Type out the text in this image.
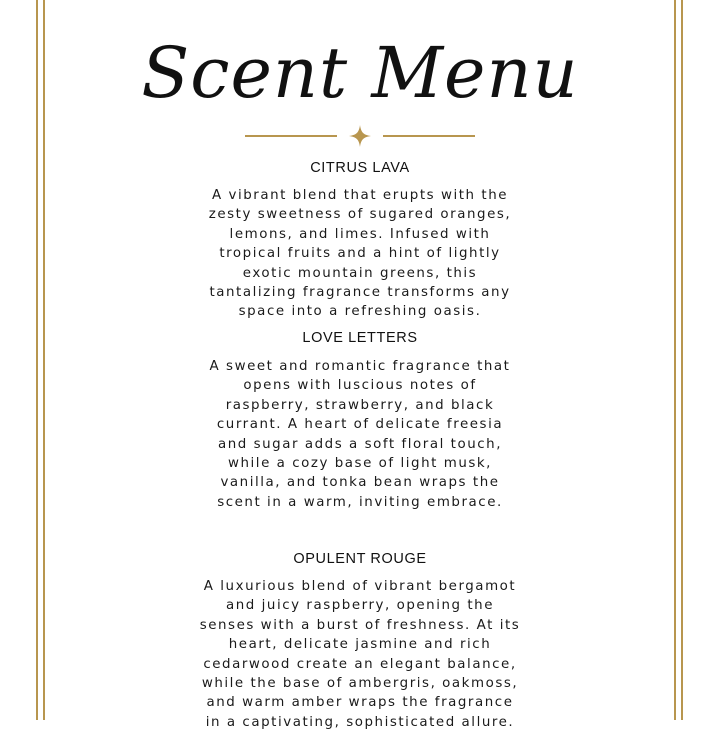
Scent Menu
CITRUS LAVA
A vibrant blend that erupts with the
zesty sweetness of sugared oranges,
lemons, and limes. Infused with
tropical fruits and a hint of lightly
exotic mountain greens, this
tantalizing fragrance transforms any
space into a refreshing oasis.
LOVE LETTERS
A sweet and romantic fragrance that
opens with luscious notes of
raspberry, strawberry, and black
currant. A heart of delicate freesia
and sugar adds a soft floral touch,
while a cozy base of light musk,
vanilla, and tonka bean wraps the
scent in a warm, inviting embrace.
OPULENT ROUGE
A luxurious blend of vibrant bergamot
and juicy raspberry, opening the
senses with a burst of freshness. At its
heart, delicate jasmine and rich
cedarwood create an elegant balance,
while the base of ambergris, oakmoss,
and warm amber wraps the fragrance
in a captivating, sophisticated allure.
